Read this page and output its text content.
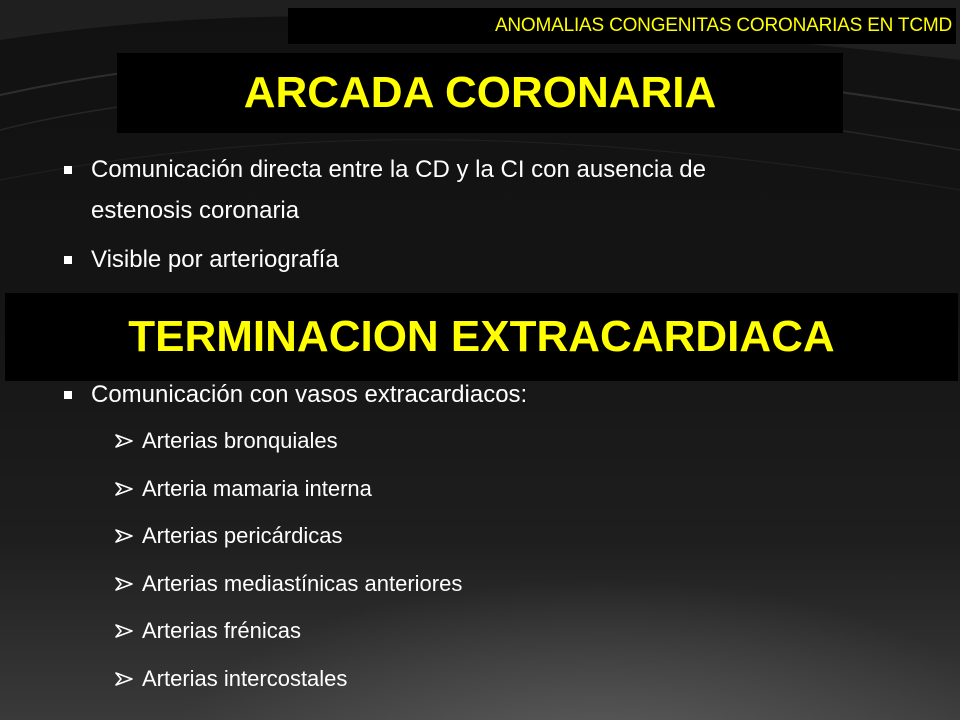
ANOMALIAS CONGENITAS CORONARIAS EN TCMD
ARCADA CORONARIA
Comunicación directa entre la CD y la CI con ausencia de
estenosis coronaria
Visible por arteriografía
TERMINACION EXTRACARDIACA
Comunicación con vasos extracardiacos:
Arterias bronquiales
Arteria mamaria interna
Arterias pericárdicas
Arterias mediastínicas anteriores
Arterias frénicas
Arterias intercostales
